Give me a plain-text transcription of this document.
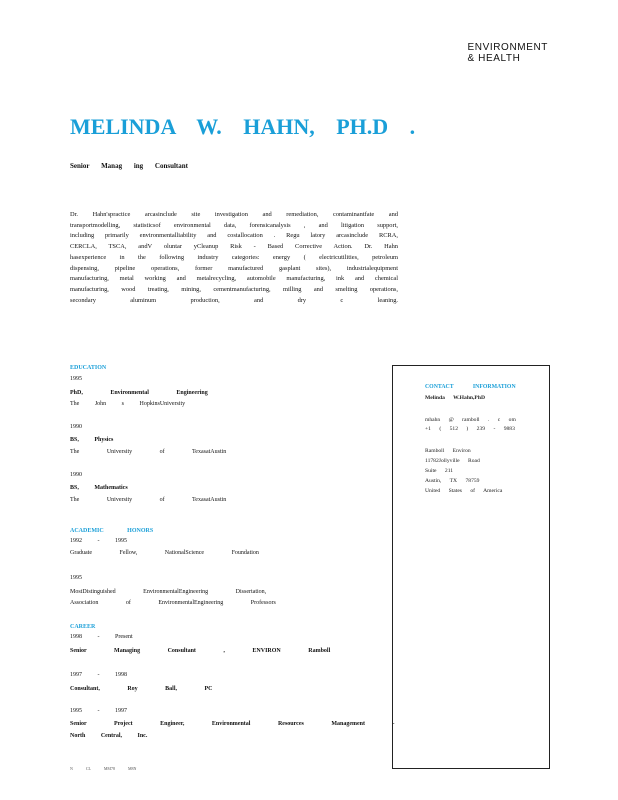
ENVIRONMENT
& HEALTH
MELINDA W. HAHN, PH.D .
Senior Manag ing Consultant
Dr. Hahn'spractice arcasinclude site investigation and remediation, contaminantfate and transportmodelling, statisticsof environmental data, forensicanalysis , and litigation support, including primarily environmentalliability and costallocation . Regu latory arcasinclude RCRA, CERCLA, TSCA, andV oluntar yCleanup Risk - Based Corrective Action. Dr. Hahn hasexperience in the following industry categories: energy ( electricutilities, petroleum dispensing, pipeline operations, former manufactured gasplant sites), industrialequipment manufacturing, metal working and metalrecycling, automobile manufacturing, ink and chemical manufacturing, wood treating, mining, cementmanufacturing, milling and smelting operations, secondary aluminum production, and dry c leaning.
EDUCATION
1995
PhD, Environmental Engineering
The John s HopkinsUniversity
1990
BS, Physics
The University of TexasatAustin
1990
BS, Mathematics
The University of TexasatAustin
ACADEMIC HONORS
1992 - 1995
Graduate Fellow, NationalScience Foundation
1995
MostDistinguished EnvironmentalEngineering Dissertation,
Association of EnvironmentalEngineering Professors
CAREER
1998 - Present
Senior Managing Consultant , ENVIRON Ramboll
1997 - 1998
Consultant, Roy Ball, PC
1995 - 1997
Senior Project Engineer, Environmental Resources Management -
North Central, Inc.
CONTACT INFORMATION
Melinda W.Hahn,PhD
mhahn @ ramboll . c om
+1 ( 512 ) 239 - 9883
Ramboll Environ
11782Jollyville Road
Suite 211
Austin, TX 78759
United States of America
N CL MM78 M8N
